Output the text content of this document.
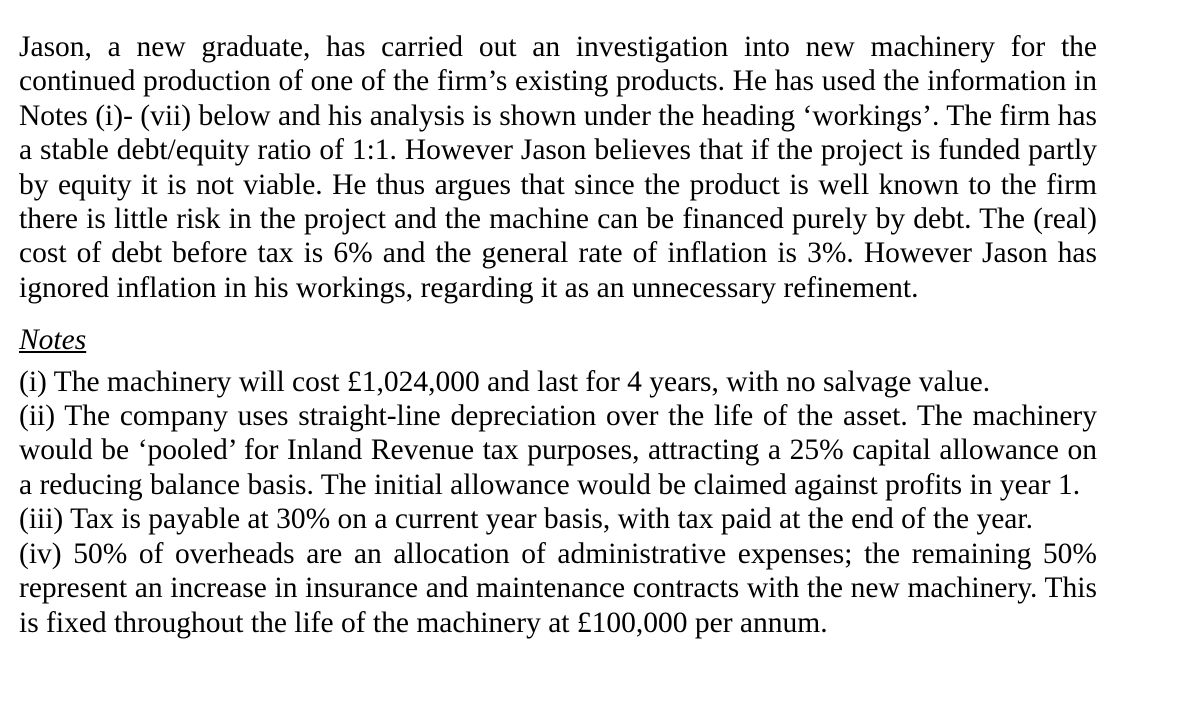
Jason, a new graduate, has carried out an investigation into new machinery for the continued production of one of the firm’s existing products. He has used the information in Notes (i)- (vii) below and his analysis is shown under the heading ‘workings’. The firm has a stable debt/equity ratio of 1:1. However Jason believes that if the project is funded partly by equity it is not viable. He thus argues that since the product is well known to the firm there is little risk in the project and the machine can be financed purely by debt. The (real) cost of debt before tax is 6% and the general rate of inflation is 3%. However Jason has ignored inflation in his workings, regarding it as an unnecessary refinement.

Notes

(i) The machinery will cost £1,024,000 and last for 4 years, with no salvage value.

(ii) The company uses straight-line depreciation over the life of the asset. The machinery would be ‘pooled’ for Inland Revenue tax purposes, attracting a 25% capital allowance on a reducing balance basis. The initial allowance would be claimed against profits in year 1.

(iii) Tax is payable at 30% on a current year basis, with tax paid at the end of the year.

(iv) 50% of overheads are an allocation of administrative expenses; the remaining 50% represent an increase in insurance and maintenance contracts with the new machinery. This is fixed throughout the life of the machinery at £100,000 per annum.
